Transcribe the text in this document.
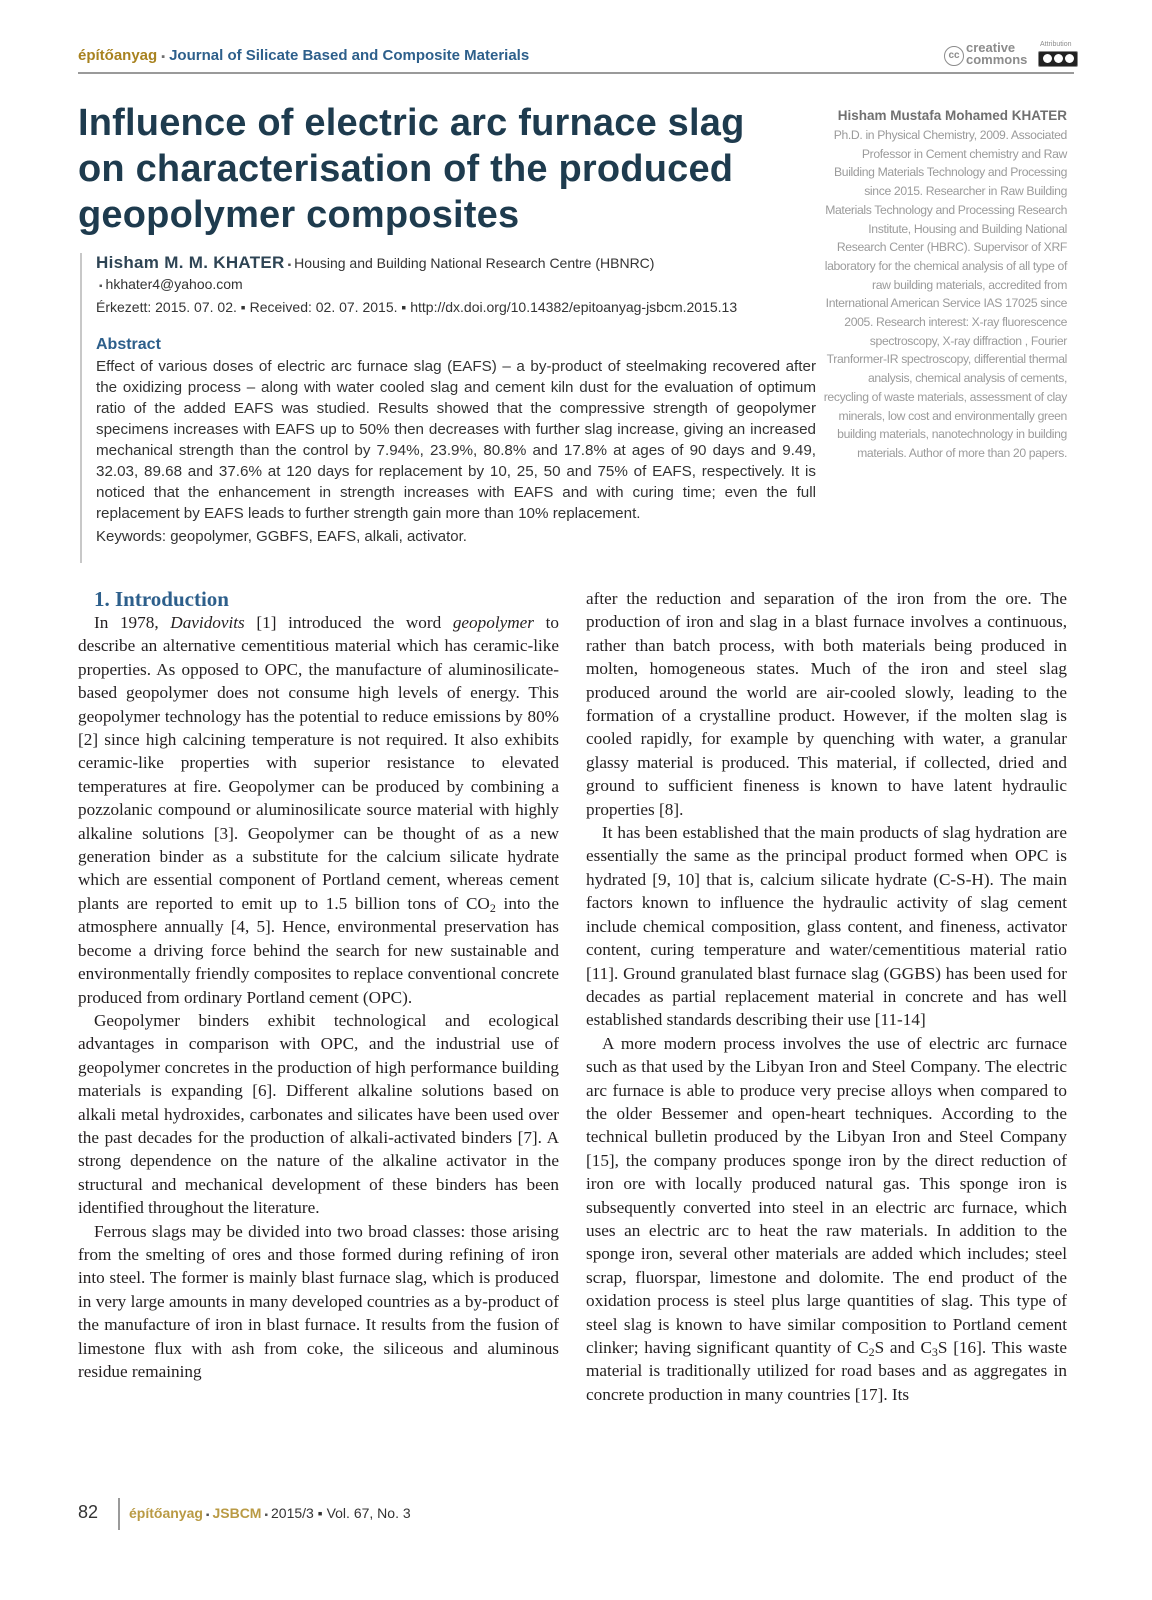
építőanyag ▪ Journal of Silicate Based and Composite Materials	cc
creative commons
Attribution
Influence of electric arc furnace slag on characterisation of the produced geopolymer composites

Hisham M. M. KHATER ▪ Housing and Building National Research Centre (HBNRC)

▪ hkhater4@yahoo.com

Érkezett: 2015. 07. 02. ▪ Received: 02. 07. 2015. ▪ http://dx.doi.org/10.14382/epitoanyag-jsbcm.2015.13

Abstract

Effect of various doses of electric arc furnace slag (EAFS) – a by-product of steelmaking recovered after the oxidizing process – along with water cooled slag and cement kiln dust for the evaluation of optimum ratio of the added EAFS was studied. Results showed that the compressive strength of geopolymer specimens increases with EAFS up to 50% then decreases with further slag increase, giving an increased mechanical strength than the control by 7.94%, 23.9%, 80.8% and 17.8% at ages of 90 days and 9.49, 32.03, 89.68 and 37.6% at 120 days for replacement by 10, 25, 50 and 75% of EAFS, respectively. It is noticed that the enhancement in strength increases with EAFS and with curing time; even the full replacement by EAFS leads to further strength gain more than 10% replacement.

Keywords: geopolymer, GGBFS, EAFS, alkali, activator.

Hisham Mustafa Mohamed KHATER

Ph.D. in Physical Chemistry, 2009. Associated Professor in Cement chemistry and Raw Building Materials Technology and Processing since 2015. Researcher in Raw Building Materials Technology and Processing Research Institute, Housing and Building National Research Center (HBRC). Supervisor of XRF laboratory for the chemical analysis of all type of raw building materials, accredited from International American Service IAS 17025 since 2005. Research interest: X-ray fluorescence spectroscopy, X-ray diffraction , Fourier Tranformer-IR spectroscopy, differential thermal analysis, chemical analysis of cements, recycling of waste materials, assessment of clay minerals, low cost and environmentally green building materials, nanotechnology in building materials. Author of more than 20 papers.

1. Introduction

In 1978, Davidovits [1] introduced the word geopolymer to describe an alternative cementitious material which has ceramic-like properties. As opposed to OPC, the manufacture of aluminosilicate-based geopolymer does not consume high levels of energy. This geopolymer technology has the potential to reduce emissions by 80% [2] since high calcining temperature is not required. It also exhibits ceramic-like properties with superior resistance to elevated temperatures at fire. Geopolymer can be produced by combining a pozzolanic compound or aluminosilicate source material with highly alkaline solutions [3]. Geopolymer can be thought of as a new generation binder as a substitute for the calcium silicate hydrate which are essential component of Portland cement, whereas cement plants are reported to emit up to 1.5 billion tons of $CO_2$ into the atmosphere annually [4, 5]. Hence, environmental preservation has become a driving force behind the search for new sustainable and environmentally friendly composites to replace conventional concrete produced from ordinary Portland cement (OPC).

Geopolymer binders exhibit technological and ecological advantages in comparison with OPC, and the industrial use of geopolymer concretes in the production of high performance building materials is expanding [6]. Different alkaline solutions based on alkali metal hydroxides, carbonates and silicates have been used over the past decades for the production of alkali-activated binders [7]. A strong dependence on the nature of the alkaline activator in the structural and mechanical development of these binders has been identified throughout the literature.

Ferrous slags may be divided into two broad classes: those arising from the smelting of ores and those formed during refining of iron into steel. The former is mainly blast furnace slag, which is produced in very large amounts in many developed countries as a by-product of the manufacture of iron in blast furnace. It results from the fusion of limestone flux with ash from coke, the siliceous and aluminous residue remaining

after the reduction and separation of the iron from the ore. The production of iron and slag in a blast furnace involves a continuous, rather than batch process, with both materials being produced in molten, homogeneous states. Much of the iron and steel slag produced around the world are air-cooled slowly, leading to the formation of a crystalline product. However, if the molten slag is cooled rapidly, for example by quenching with water, a granular glassy material is produced. This material, if collected, dried and ground to sufficient fineness is known to have latent hydraulic properties [8].

It has been established that the main products of slag hydration are essentially the same as the principal product formed when OPC is hydrated [9, 10] that is, calcium silicate hydrate (C-S-H). The main factors known to influence the hydraulic activity of slag cement include chemical composition, glass content, and fineness, activator content, curing temperature and water/cementitious material ratio [11]. Ground granulated blast furnace slag (GGBS) has been used for decades as partial replacement material in concrete and has well established standards describing their use [11-14]

A more modern process involves the use of electric arc furnace such as that used by the Libyan Iron and Steel Company. The electric arc furnace is able to produce very precise alloys when compared to the older Bessemer and open-heart techniques. According to the technical bulletin produced by the Libyan Iron and Steel Company [15], the company produces sponge iron by the direct reduction of iron ore with locally produced natural gas. This sponge iron is subsequently converted into steel in an electric arc furnace, which uses an electric arc to heat the raw materials. In addition to the sponge iron, several other materials are added which includes; steel scrap, fluorspar, limestone and dolomite. The end product of the oxidation process is steel plus large quantities of slag. This type of steel slag is known to have similar composition to Portland cement clinker; having significant quantity of $C_2S$ and $C_3S$ [16]. This waste material is traditionally utilized for road bases and as aggregates in concrete production in many countries [17]. Its

82 építőanyag ▪ JSBCM ▪ 2015/3 ▪ Vol. 67, No. 3
